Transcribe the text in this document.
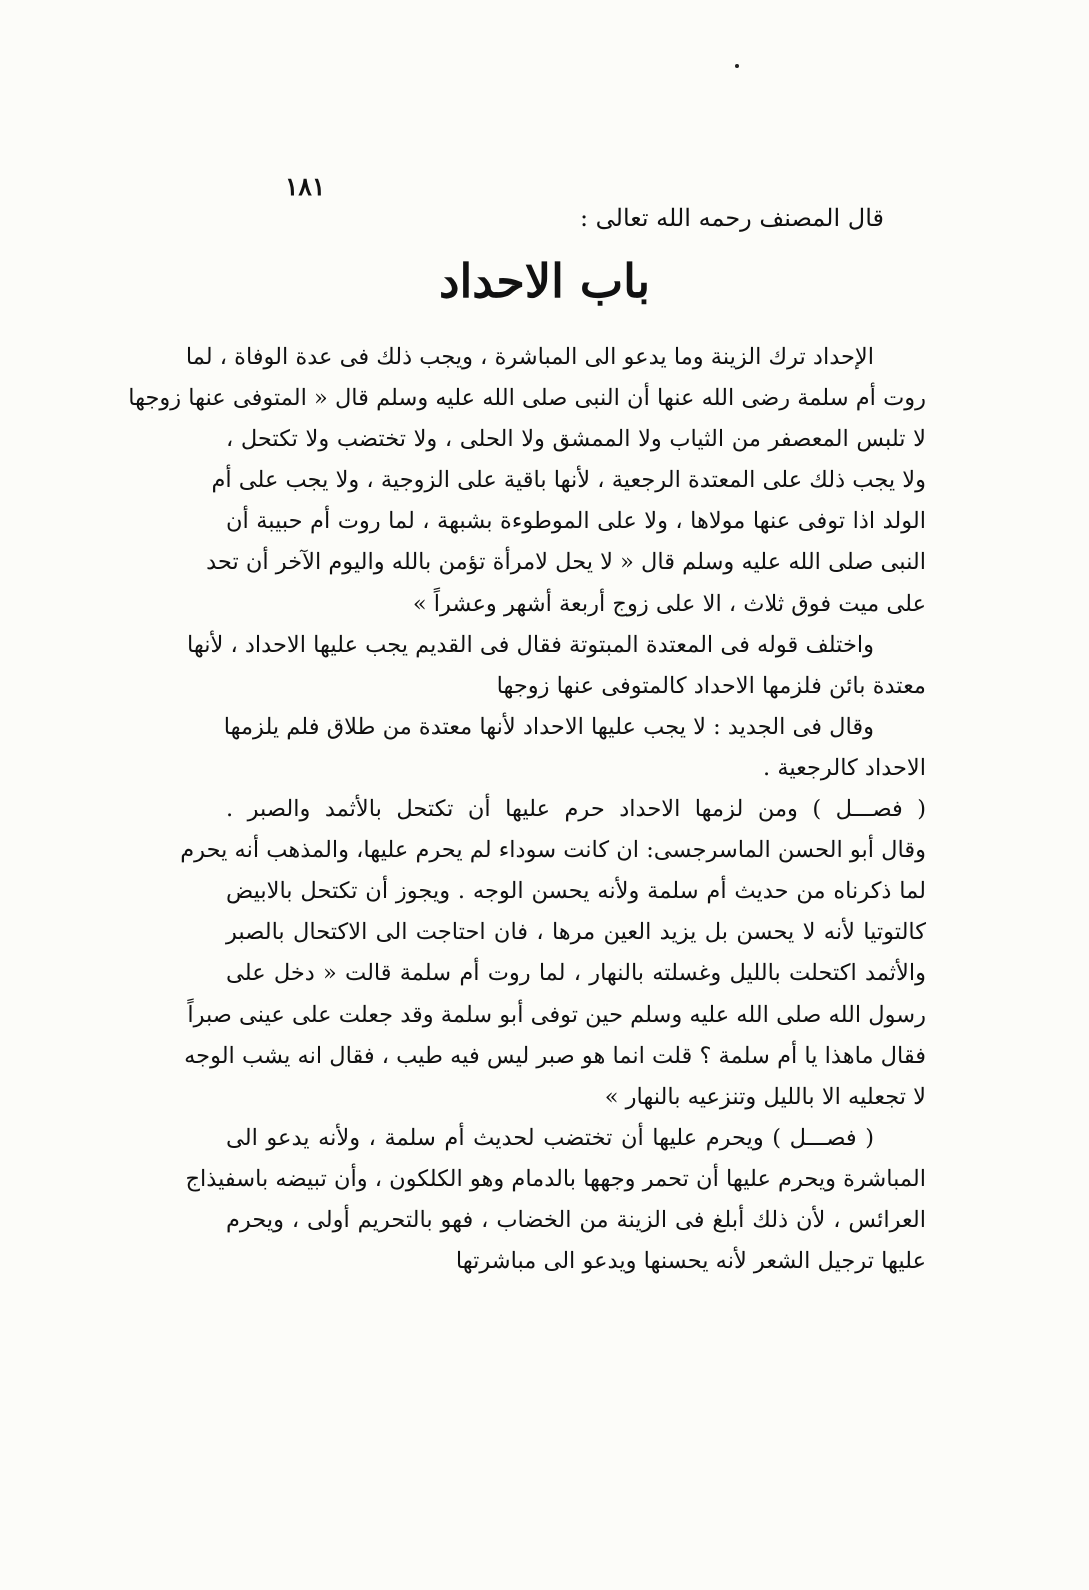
١٨١
قال المصنف رحمه الله تعالى :
باب الاحداد
الإحداد ترك الزينة وما يدعو الى المباشرة ، ويجب ذلك فى عدة الوفاة ، لما
روت أم سلمة رضى الله عنها أن النبى صلى الله عليه وسلم قال « المتوفى عنها زوجها
لا تلبس المعصفر من الثياب ولا الممشق ولا الحلى ، ولا تختضب ولا تكتحل ،
ولا يجب ذلك على المعتدة الرجعية ، لأنها باقية على الزوجية ، ولا يجب على أم
الولد اذا توفى عنها مولاها ، ولا على الموطوءة بشبهة ، لما روت أم حبيبة أن
النبى صلى الله عليه وسلم قال « لا يحل لامرأة تؤمن بالله واليوم الآخر أن تحد
على ميت فوق ثلاث ، الا على زوج أربعة أشهر وعشراً »
واختلف قوله فى المعتدة المبتوتة فقال فى القديم يجب عليها الاحداد ، لأنها
معتدة بائن فلزمها الاحداد كالمتوفى عنها زوجها
وقال فى الجديد : لا يجب عليها الاحداد لأنها معتدة من طلاق فلم يلزمها
الاحداد كالرجعية .
( فصـــل ) ومن لزمها الاحداد حرم عليها أن تكتحل بالأثمد والصبر .
وقال أبو الحسن الماسرجسى: ان كانت سوداء لم يحرم عليها، والمذهب أنه يحرم
لما ذكرناه من حديث أم سلمة ولأنه يحسن الوجه . ويجوز أن تكتحل بالابيض
كالتوتيا لأنه لا يحسن بل يزيد العين مرها ، فان احتاجت الى الاكتحال بالصبر
والأثمد اكتحلت بالليل وغسلته بالنهار ، لما روت أم سلمة قالت « دخل على
رسول الله صلى الله عليه وسلم حين توفى أبو سلمة وقد جعلت على عينى صبراً
فقال ماهذا يا أم سلمة ؟ قلت انما هو صبر ليس فيه طيب ، فقال انه يشب الوجه
لا تجعليه الا بالليل وتنزعيه بالنهار »
( فصـــل ) ويحرم عليها أن تختضب لحديث أم سلمة ، ولأنه يدعو الى
المباشرة ويحرم عليها أن تحمر وجهها بالدمام وهو الكلكون ، وأن تبيضه باسفيذاج
العرائس ، لأن ذلك أبلغ فى الزينة من الخضاب ، فهو بالتحريم أولى ، ويحرم
عليها ترجيل الشعر لأنه يحسنها ويدعو الى مباشرتها
